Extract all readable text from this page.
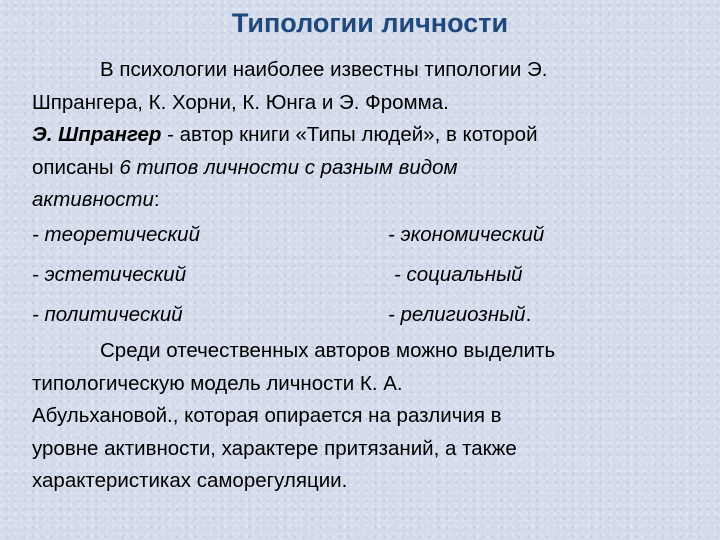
Типологии личности

В психологии наиболее известны типологии Э.

Шпрангера, К. Хорни, К. Юнга и Э. Фромма.

Э. Шпрангер - автор книги «Типы людей», в которой

описаны 6 типов личности с разным видом

активности:

- теоретический	- экономический
- эстетический	- социальный
- политический	- религиозный.

Среди отечественных авторов можно выделить

типологическую модель личности К. А.

Абульхановой., которая опирается на различия в

уровне активности, характере притязаний, а также

характеристиках саморегуляции.
